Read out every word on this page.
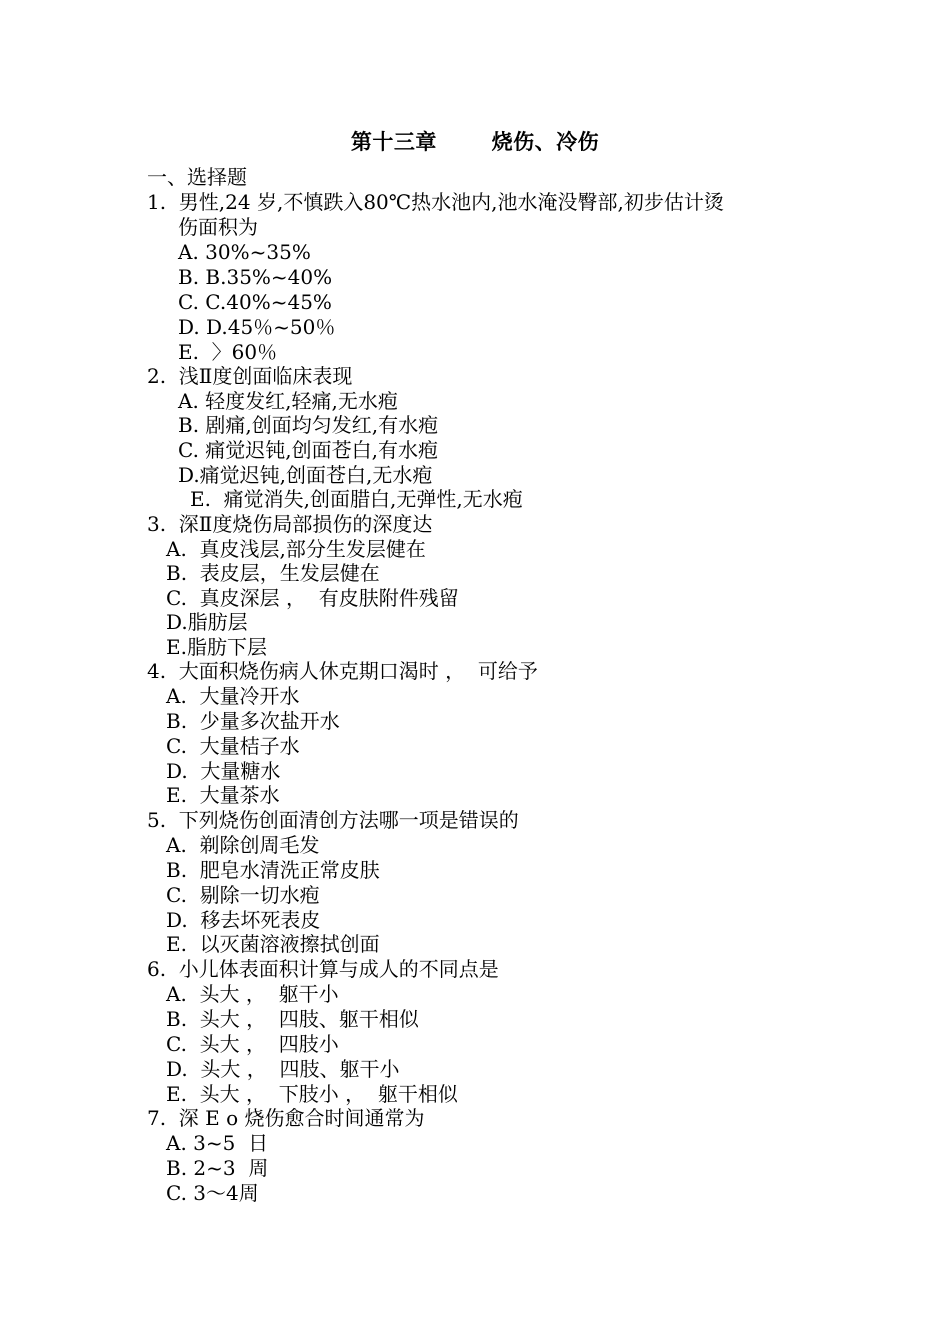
第十三章       烧伤、冷伤
一、选择题
1.  男性,24 岁,不慎跌入80℃热水池内,池水淹没臀部,初步估计烫
伤面积为
A. 30%~35%
B. B.35%~40%
C. C.40%~45%
D. D.45％~50％
E.  〉60％
2.  浅Ⅱ度创面临床表现
A. 轻度发红,轻痛,无水疱
B. 剧痛,创面均匀发红,有水疱
C. 痛觉迟钝,创面苍白,有水疱
D.痛觉迟钝,创面苍白,无水疱
E.  痛觉消失,创面腊白,无弹性,无水疱
3.  深Ⅱ度烧伤局部损伤的深度达
A.  真皮浅层,部分生发层健在
B.  表皮层，生发层健在
C.  真皮深层 ，  有皮肤附件残留
D.脂肪层
E.脂肪下层
4.  大面积烧伤病人休克期口渴时 ，  可给予
A.  大量冷开水
B.  少量多次盐开水
C.  大量桔子水
D.  大量糖水
E.  大量茶水
5.  下列烧伤创面清创方法哪一项是错误的
A.  剃除创周毛发
B.  肥皂水清洗正常皮肤
C.  剔除一切水疱
D.  移去坏死表皮
E.  以灭菌溶液擦拭创面
6.  小儿体表面积计算与成人的不同点是
A.  头大 ，  躯干小
B.  头大 ，  四肢、躯干相似
C.  头大 ，  四肢小
D.  头大 ，  四肢、躯干小
E.  头大 ，  下肢小 ，  躯干相似
7.  深 E o 烧伤愈合时间通常为
A. 3~5  日
B. 2~3  周
C. 3～4周
